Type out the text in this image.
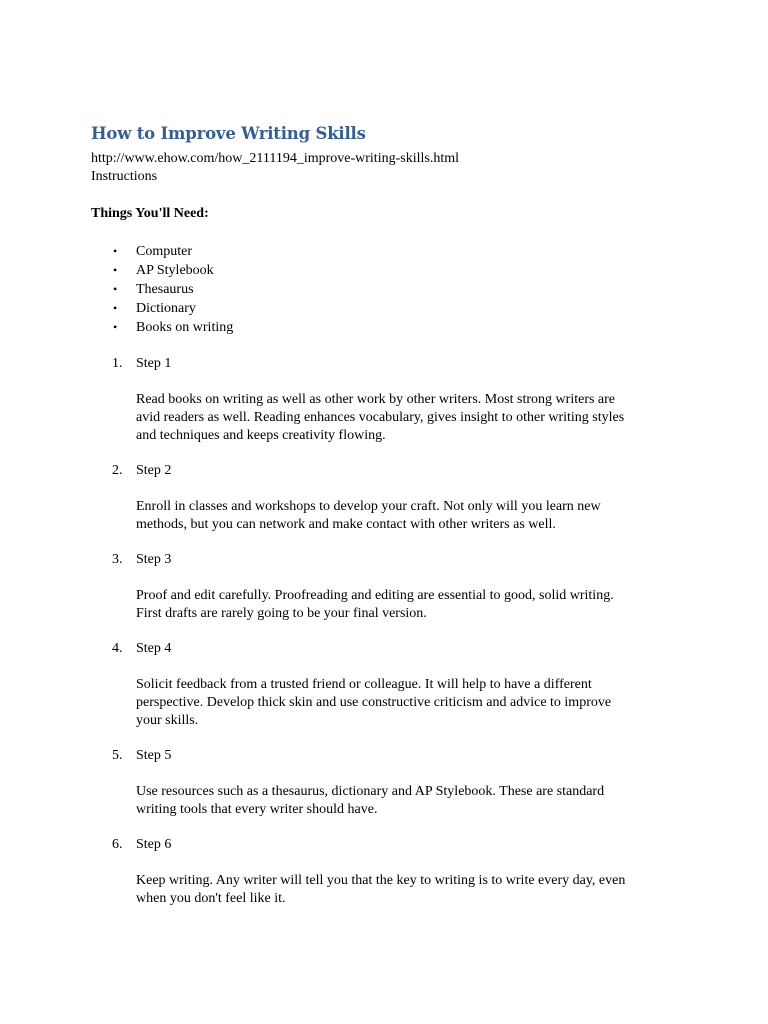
How to Improve Writing Skills

http://www.ehow.com/how_2111194_improve-writing-skills.html

Instructions

Things You'll Need:

• Computer
• AP Stylebook
• Thesaurus
• Dictionary
• Books on writing
1. Step 1

Read books on writing as well as other work by other writers. Most strong writers are
avid readers as well. Reading enhances vocabulary, gives insight to other writing styles
and techniques and keeps creativity flowing.

2. Step 2

Enroll in classes and workshops to develop your craft. Not only will you learn new
methods, but you can network and make contact with other writers as well.

3. Step 3

Proof and edit carefully. Proofreading and editing are essential to good, solid writing.
First drafts are rarely going to be your final version.

4. Step 4

Solicit feedback from a trusted friend or colleague. It will help to have a different
perspective. Develop thick skin and use constructive criticism and advice to improve
your skills.

5. Step 5

Use resources such as a thesaurus, dictionary and AP Stylebook. These are standard
writing tools that every writer should have.

6. Step 6

Keep writing. Any writer will tell you that the key to writing is to write every day, even
when you don't feel like it.
